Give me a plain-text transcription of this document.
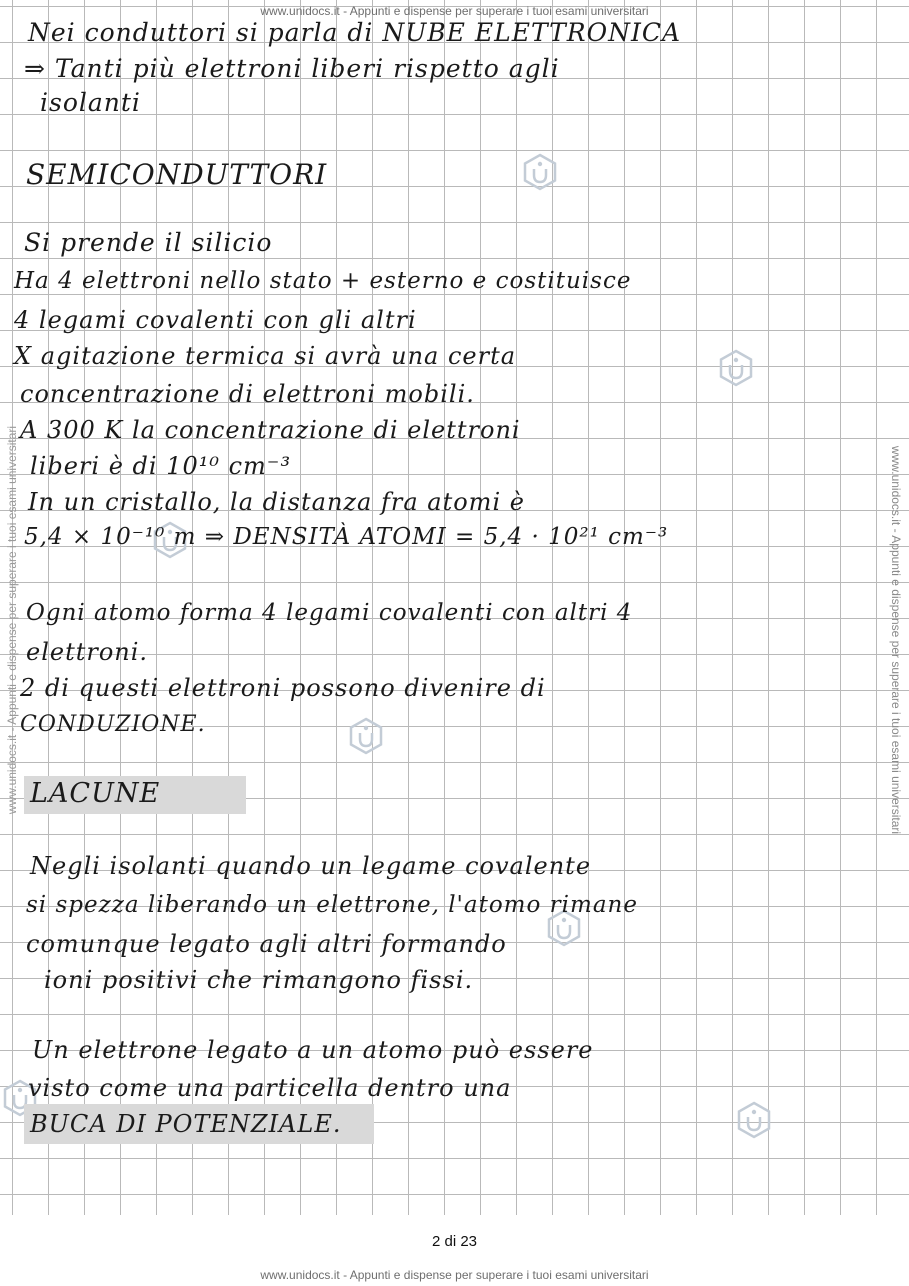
www.unidocs.it - Appunti e dispense per superare i tuoi esami universitari
www.unidocs.it - Appunti e dispense per superare i tuoi esami universitari
www.unidocs.it - Appunti e dispense per superare i tuoi esami universitari
Nei conduttori si parla di NUBE ELETTRONICA
⇒ Tanti più elettroni liberi rispetto agli
isolanti
SEMICONDUTTORI
Si prende il silicio
Ha 4 elettroni nello stato + esterno e costituisce
4 legami covalenti con gli altri
X agitazione termica si avrà una certa
concentrazione di elettroni mobili.
A 300 K la concentrazione di elettroni
liberi è di 10¹⁰ cm⁻³
In un cristallo, la distanza fra atomi è
5,4 × 10⁻¹⁰ m ⇒ DENSITÀ ATOMI = 5,4 · 10²¹ cm⁻³
Ogni atomo forma 4 legami covalenti con altri 4
elettroni.
2 di questi elettroni possono divenire di
CONDUZIONE.
LACUNE
Negli isolanti quando un legame covalente
si spezza liberando un elettrone, l'atomo rimane
comunque legato agli altri formando
ioni positivi che rimangono fissi.
Un elettrone legato a un atomo può essere
visto come una particella dentro una
BUCA DI POTENZIALE.
2 di 23
www.unidocs.it - Appunti e dispense per superare i tuoi esami universitari
